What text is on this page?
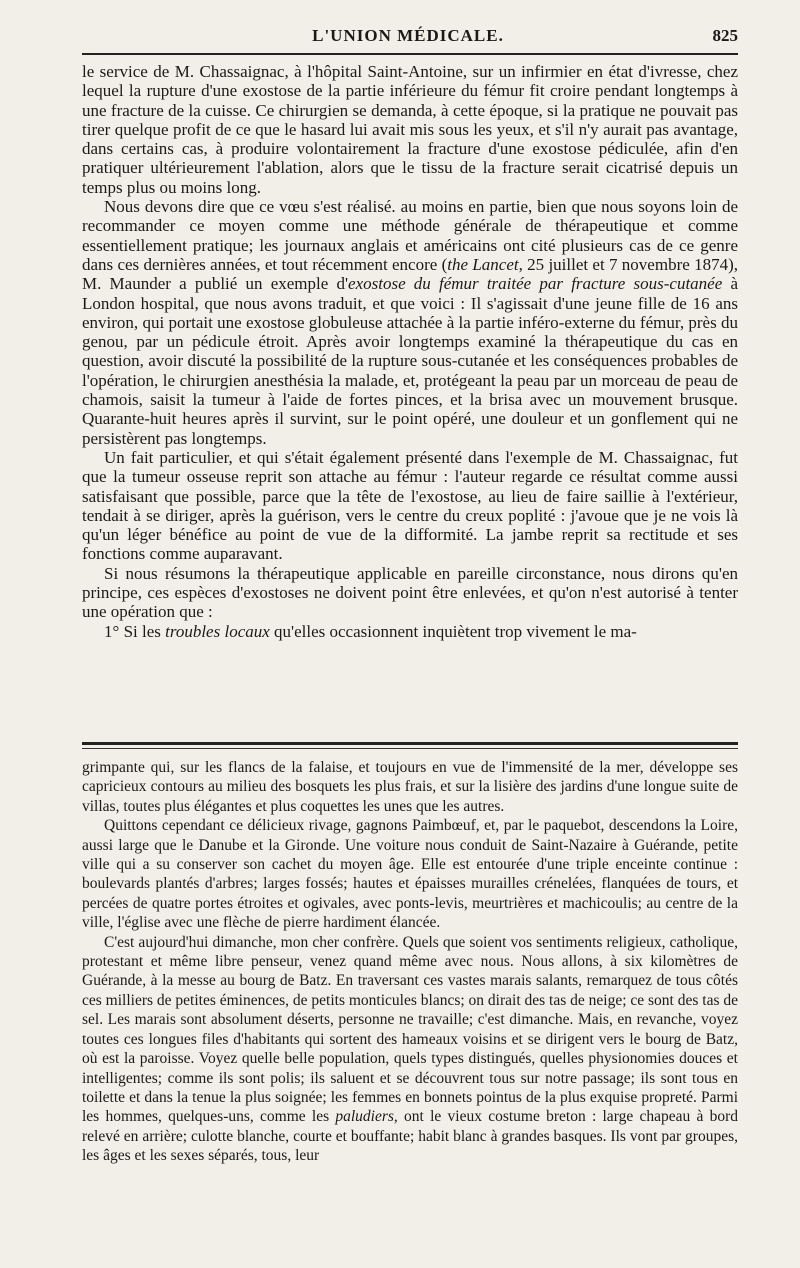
L'UNION MÉDICALE.	825

le service de M. Chassaignac, à l'hôpital Saint-Antoine, sur un infirmier en état d'ivresse, chez lequel la rupture d'une exostose de la partie inférieure du fémur fit croire pendant longtemps à une fracture de la cuisse. Ce chirurgien se demanda, à cette époque, si la pratique ne pouvait pas tirer quelque profit de ce que le hasard lui avait mis sous les yeux, et s'il n'y aurait pas avantage, dans certains cas, à produire volontairement la fracture d'une exostose pédiculée, afin d'en pratiquer ultérieurement l'ablation, alors que le tissu de la fracture serait cicatrisé depuis un temps plus ou moins long.

Nous devons dire que ce vœu s'est réalisé. au moins en partie, bien que nous soyons loin de recommander ce moyen comme une méthode générale de thérapeutique et comme essentiellement pratique; les journaux anglais et américains ont cité plusieurs cas de ce genre dans ces dernières années, et tout récemment encore (the Lancet, 25 juillet et 7 novembre 1874), M. Maunder a publié un exemple d'exostose du fémur traitée par fracture sous-cutanée à London hospital, que nous avons traduit, et que voici : Il s'agissait d'une jeune fille de 16 ans environ, qui portait une exostose globuleuse attachée à la partie inféro-externe du fémur, près du genou, par un pédicule étroit. Après avoir longtemps examiné la thérapeutique du cas en question, avoir discuté la possibilité de la rupture sous-cutanée et les conséquences probables de l'opération, le chirurgien anesthésia la malade, et, protégeant la peau par un morceau de peau de chamois, saisit la tumeur à l'aide de fortes pinces, et la brisa avec un mouvement brusque. Quarante-huit heures après il survint, sur le point opéré, une douleur et un gonflement qui ne persistèrent pas longtemps.

Un fait particulier, et qui s'était également présenté dans l'exemple de M. Chassaignac, fut que la tumeur osseuse reprit son attache au fémur : l'auteur regarde ce résultat comme aussi satisfaisant que possible, parce que la tête de l'exostose, au lieu de faire saillie à l'extérieur, tendait à se diriger, après la guérison, vers le centre du creux poplité : j'avoue que je ne vois là qu'un léger bénéfice au point de vue de la difformité. La jambe reprit sa rectitude et ses fonctions comme auparavant.

Si nous résumons la thérapeutique applicable en pareille circonstance, nous dirons qu'en principe, ces espèces d'exostoses ne doivent point être enlevées, et qu'on n'est autorisé à tenter une opération que :

1° Si les troubles locaux qu'elles occasionnent inquiètent trop vivement le ma-

grimpante qui, sur les flancs de la falaise, et toujours en vue de l'immensité de la mer, développe ses capricieux contours au milieu des bosquets les plus frais, et sur la lisière des jardins d'une longue suite de villas, toutes plus élégantes et plus coquettes les unes que les autres.

Quittons cependant ce délicieux rivage, gagnons Paimbœuf, et, par le paquebot, descendons la Loire, aussi large que le Danube et la Gironde. Une voiture nous conduit de Saint-Nazaire à Guérande, petite ville qui a su conserver son cachet du moyen âge. Elle est entourée d'une triple enceinte continue : boulevards plantés d'arbres; larges fossés; hautes et épaisses murailles crénelées, flanquées de tours, et percées de quatre portes étroites et ogivales, avec ponts-levis, meurtrières et machicoulis; au centre de la ville, l'église avec une flèche de pierre hardiment élancée.

C'est aujourd'hui dimanche, mon cher confrère. Quels que soient vos sentiments religieux, catholique, protestant et même libre penseur, venez quand même avec nous. Nous allons, à six kilomètres de Guérande, à la messe au bourg de Batz. En traversant ces vastes marais salants, remarquez de tous côtés ces milliers de petites éminences, de petits monticules blancs; on dirait des tas de neige; ce sont des tas de sel. Les marais sont absolument déserts, personne ne travaille; c'est dimanche. Mais, en revanche, voyez toutes ces longues files d'habitants qui sortent des hameaux voisins et se dirigent vers le bourg de Batz, où est la paroisse. Voyez quelle belle population, quels types distingués, quelles physionomies douces et intelligentes; comme ils sont polis; ils saluent et se découvrent tous sur notre passage; ils sont tous en toilette et dans la tenue la plus soignée; les femmes en bonnets pointus de la plus exquise propreté. Parmi les hommes, quelques-uns, comme les paludiers, ont le vieux costume breton : large chapeau à bord relevé en arrière; culotte blanche, courte et bouffante; habit blanc à grandes basques. Ils vont par groupes, les âges et les sexes séparés, tous, leur
